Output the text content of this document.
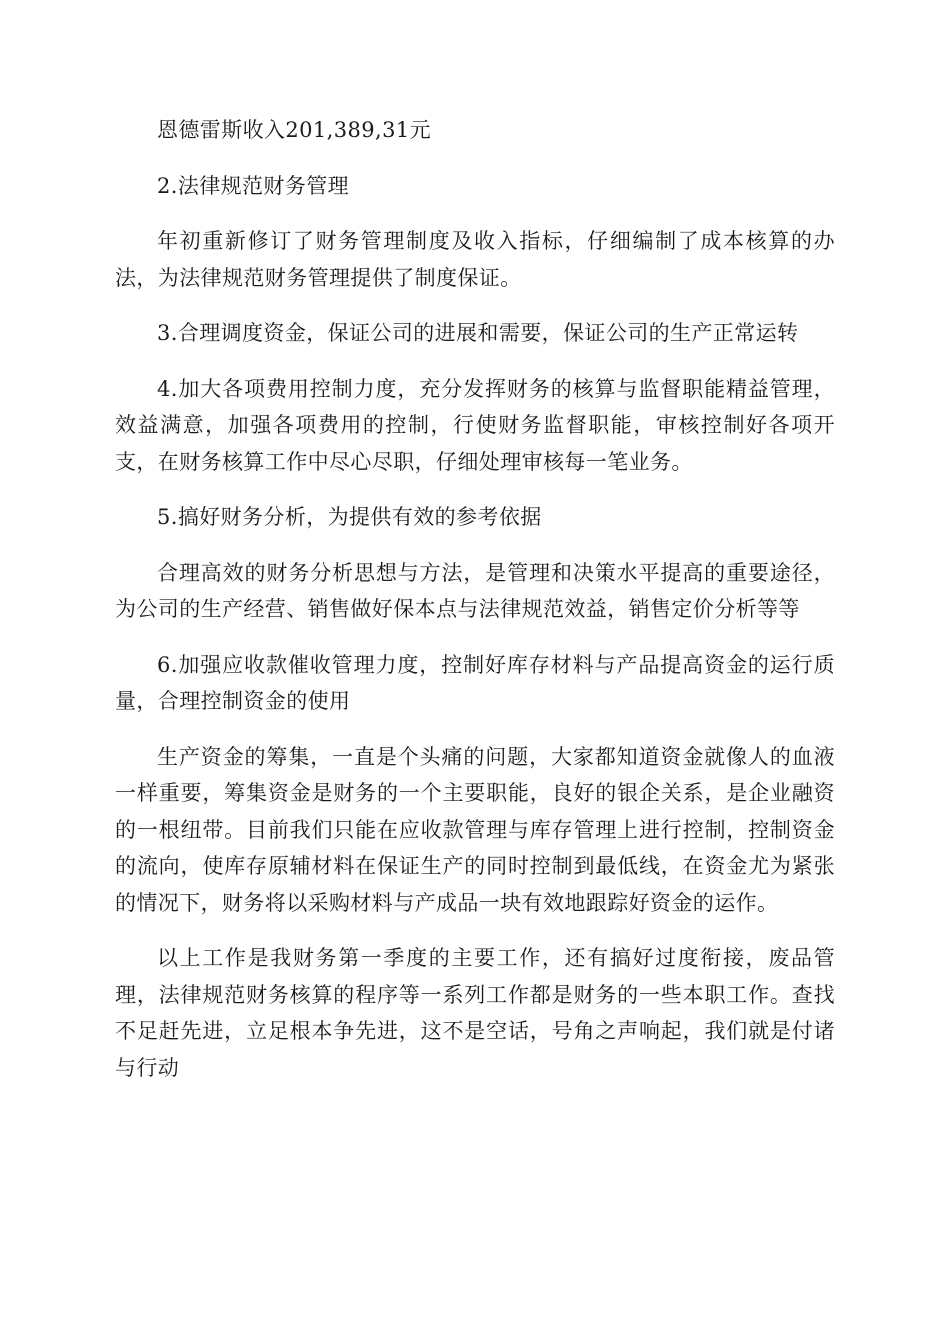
恩德雷斯收入201,389,31元

2.法律规范财务管理

年初重新修订了财务管理制度及收入指标，仔细编制了成本核算的办法，为法律规范财务管理提供了制度保证。

3.合理调度资金，保证公司的进展和需要，保证公司的生产正常运转

4.加大各项费用控制力度，充分发挥财务的核算与监督职能精益管理，效益满意，加强各项费用的控制，行使财务监督职能，审核控制好各项开支，在财务核算工作中尽心尽职，仔细处理审核每一笔业务。

5.搞好财务分析，为提供有效的参考依据

合理高效的财务分析思想与方法，是管理和决策水平提高的重要途径，为公司的生产经营、销售做好保本点与法律规范效益，销售定价分析等等

6.加强应收款催收管理力度，控制好库存材料与产品提高资金的运行质量，合理控制资金的使用

生产资金的筹集，一直是个头痛的问题，大家都知道资金就像人的血液一样重要，筹集资金是财务的一个主要职能，良好的银企关系，是企业融资的一根纽带。目前我们只能在应收款管理与库存管理上进行控制，控制资金的流向，使库存原辅材料在保证生产的同时控制到最低线，在资金尤为紧张的情况下，财务将以采购材料与产成品一块有效地跟踪好资金的运作。

以上工作是我财务第一季度的主要工作，还有搞好过度衔接，废品管理，法律规范财务核算的程序等一系列工作都是财务的一些本职工作。查找不足赶先进，立足根本争先进，这不是空话，号角之声响起，我们就是付诸与行动
